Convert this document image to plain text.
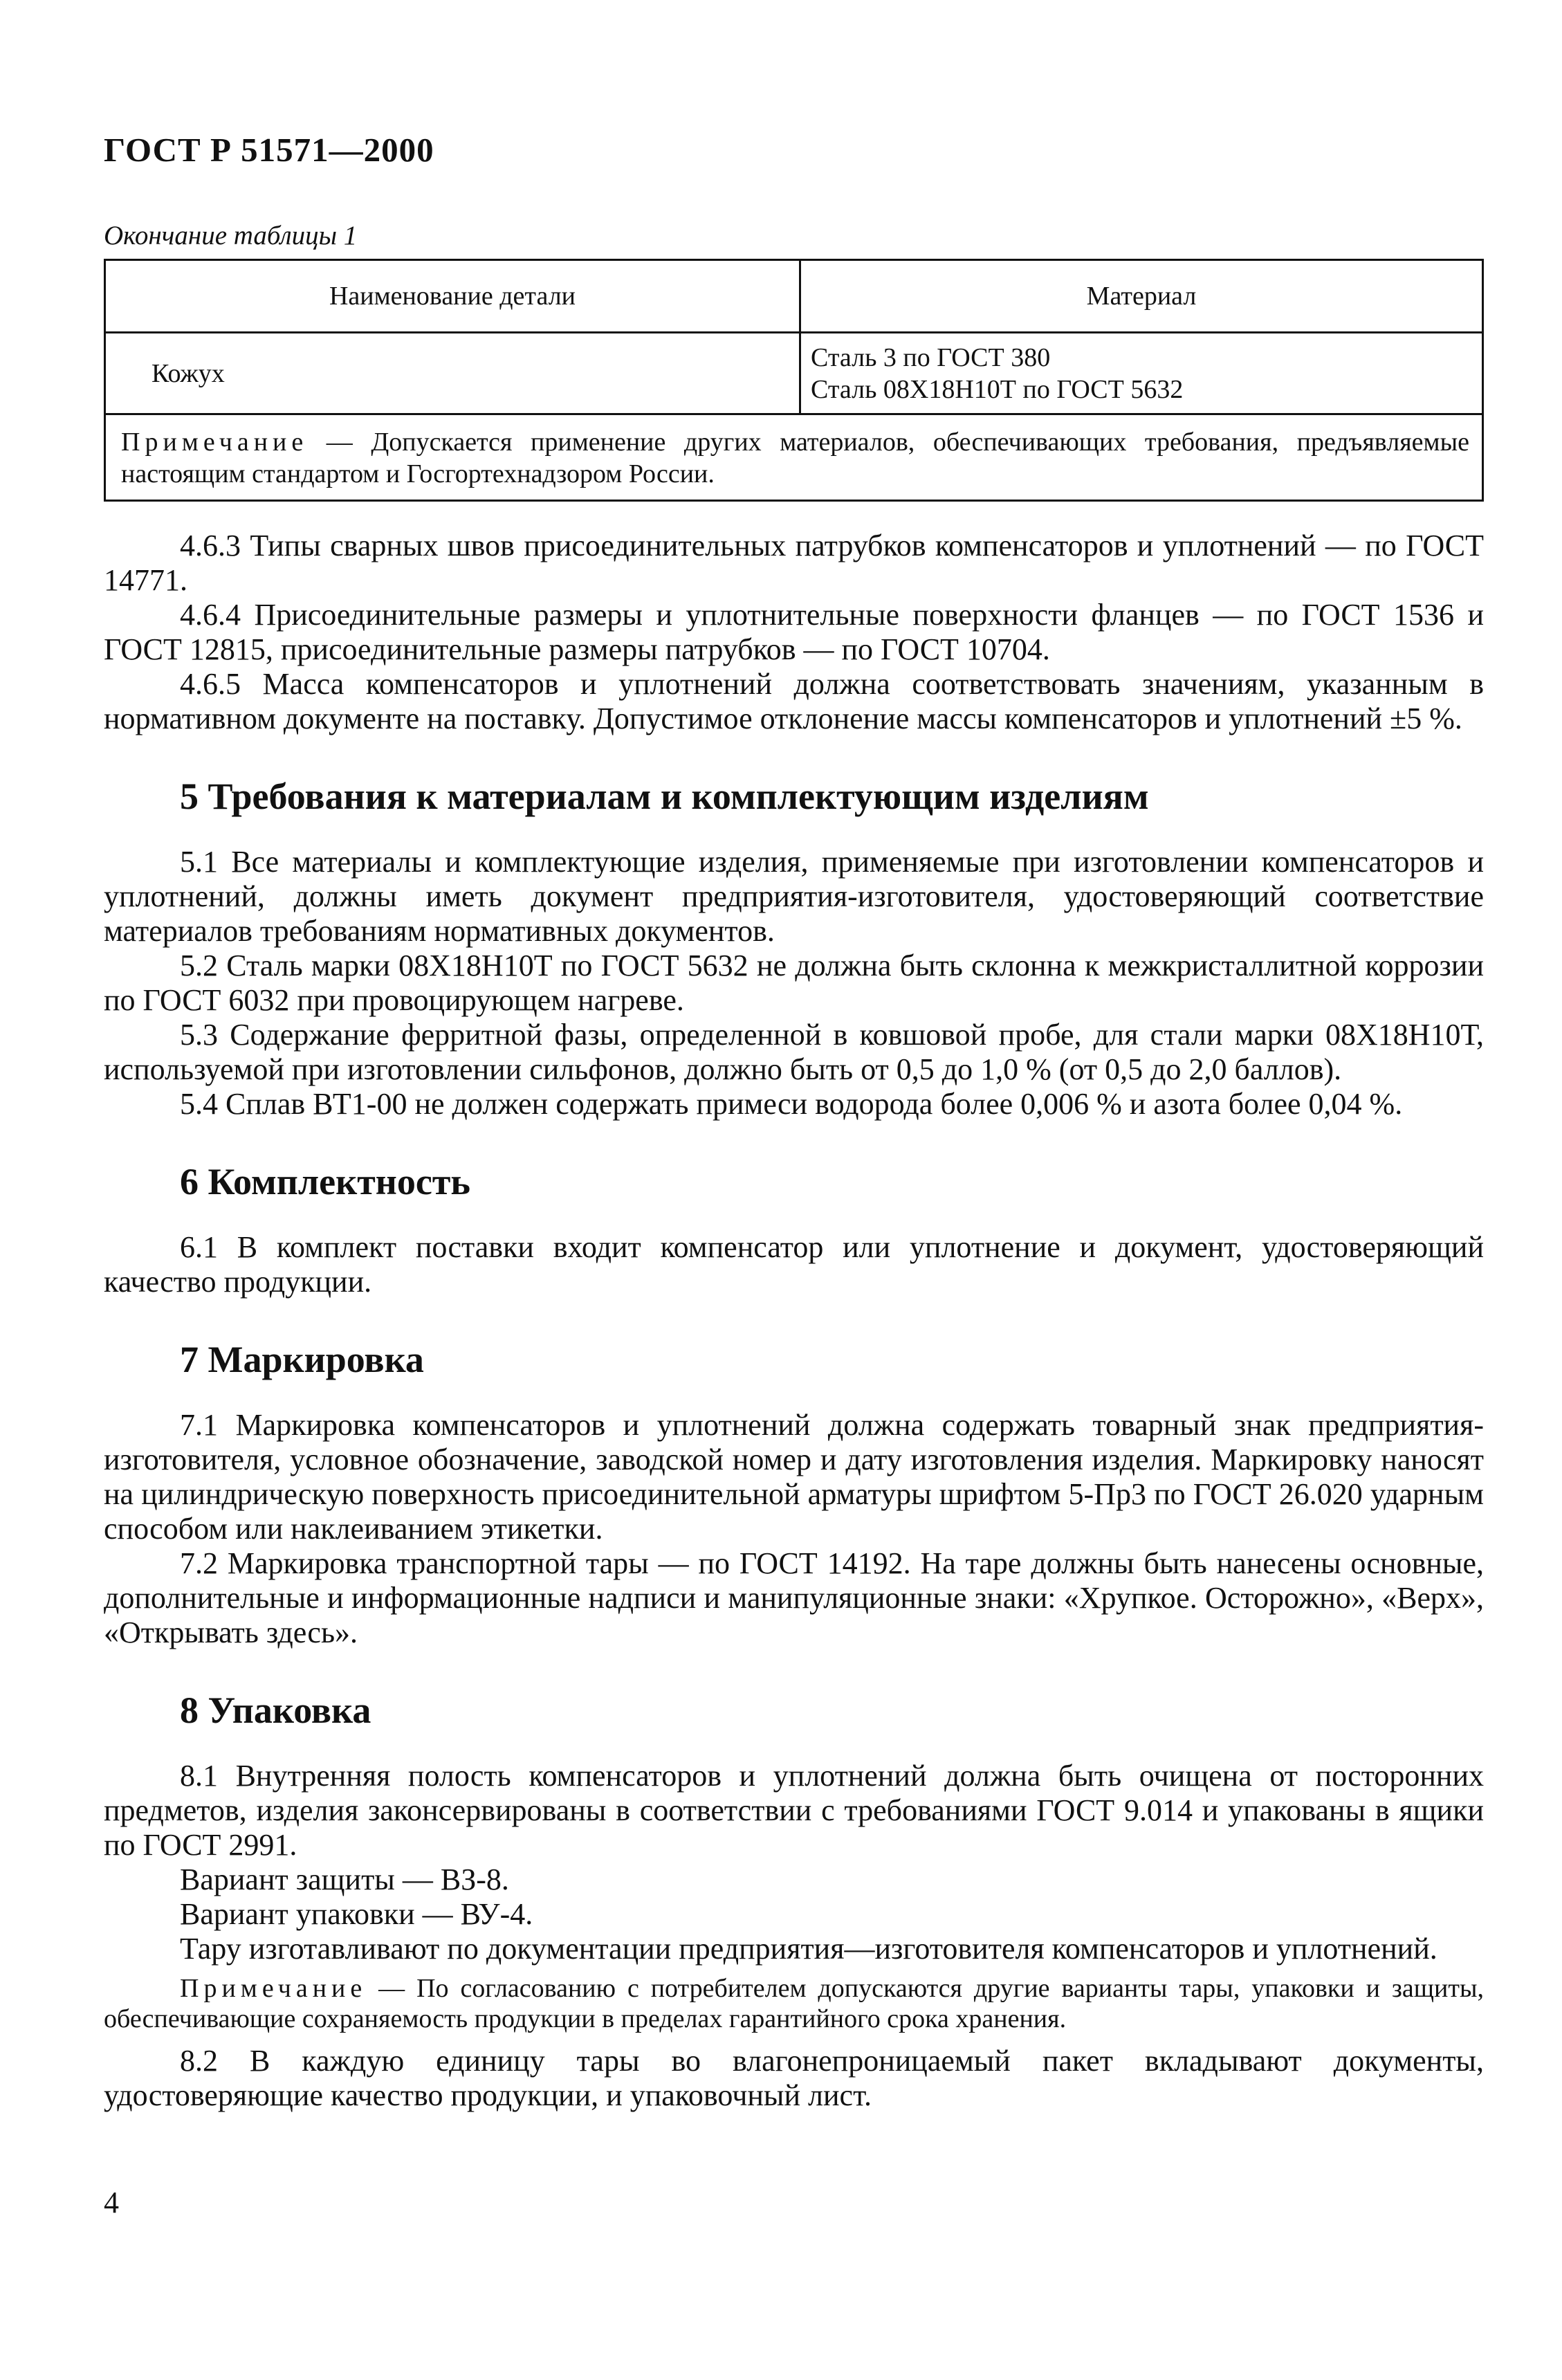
ГОСТ Р 51571—2000
Окончание таблицы 1
Наименование детали	Материал
Кожух	Сталь 3 по ГОСТ 380
Сталь 08Х18Н10Т по ГОСТ 5632

Примечание — Допускается применение других материалов, обеспечивающих требования, предъявляемые настоящим стандартом и Госгортехнадзором России.	

4.6.3 Типы сварных швов присоединительных патрубков компенсаторов и уплотнений — по ГОСТ 14771.

4.6.4 Присоединительные размеры и уплотнительные поверхности фланцев — по ГОСТ 1536 и ГОСТ 12815, присоединительные размеры патрубков — по ГОСТ 10704.

4.6.5 Масса компенсаторов и уплотнений должна соответствовать значениям, указанным в нормативном документе на поставку. Допустимое отклонение массы компенсаторов и уплотнений ±5 %.

5 Требования к материалам и комплектующим изделиям

5.1 Все материалы и комплектующие изделия, применяемые при изготовлении компенсаторов и уплотнений, должны иметь документ предприятия-изготовителя, удостоверяющий соответствие материалов требованиям нормативных документов.

5.2 Сталь марки 08Х18Н10Т по ГОСТ 5632 не должна быть склонна к межкристаллитной коррозии по ГОСТ 6032 при провоцирующем нагреве.

5.3 Содержание ферритной фазы, определенной в ковшовой пробе, для стали марки 08Х18Н10Т, используемой при изготовлении сильфонов, должно быть от 0,5 до 1,0 % (от 0,5 до 2,0 баллов).

5.4 Сплав ВТ1-00 не должен содержать примеси водорода более 0,006 % и азота более 0,04 %.

6 Комплектность

6.1 В комплект поставки входит компенсатор или уплотнение и документ, удостоверяющий качество продукции.

7 Маркировка

7.1 Маркировка компенсаторов и уплотнений должна содержать товарный знак предприятия-изготовителя, условное обозначение, заводской номер и дату изготовления изделия. Маркировку наносят на цилиндрическую поверхность присоединительной арматуры шрифтом 5-Пр3 по ГОСТ 26.020 ударным способом или наклеиванием этикетки.

7.2 Маркировка транспортной тары — по ГОСТ 14192. На таре должны быть нанесены основные, дополнительные и информационные надписи и манипуляционные знаки: «Хрупкое. Осторожно», «Верх», «Открывать здесь».

8 Упаковка

8.1 Внутренняя полость компенсаторов и уплотнений должна быть очищена от посторонних предметов, изделия законсервированы в соответствии с требованиями ГОСТ 9.014 и упакованы в ящики по ГОСТ 2991.

Вариант защиты — ВЗ-8.

Вариант упаковки — ВУ-4.

Тару изготавливают по документации предприятия—изготовителя компенсаторов и уплотнений.

Примечание — По согласованию с потребителем допускаются другие варианты тары, упаковки и защиты, обеспечивающие сохраняемость продукции в пределах гарантийного срока хранения.

8.2 В каждую единицу тары во влагонепроницаемый пакет вкладывают документы, удостоверяющие качество продукции, и упаковочный лист.

4
